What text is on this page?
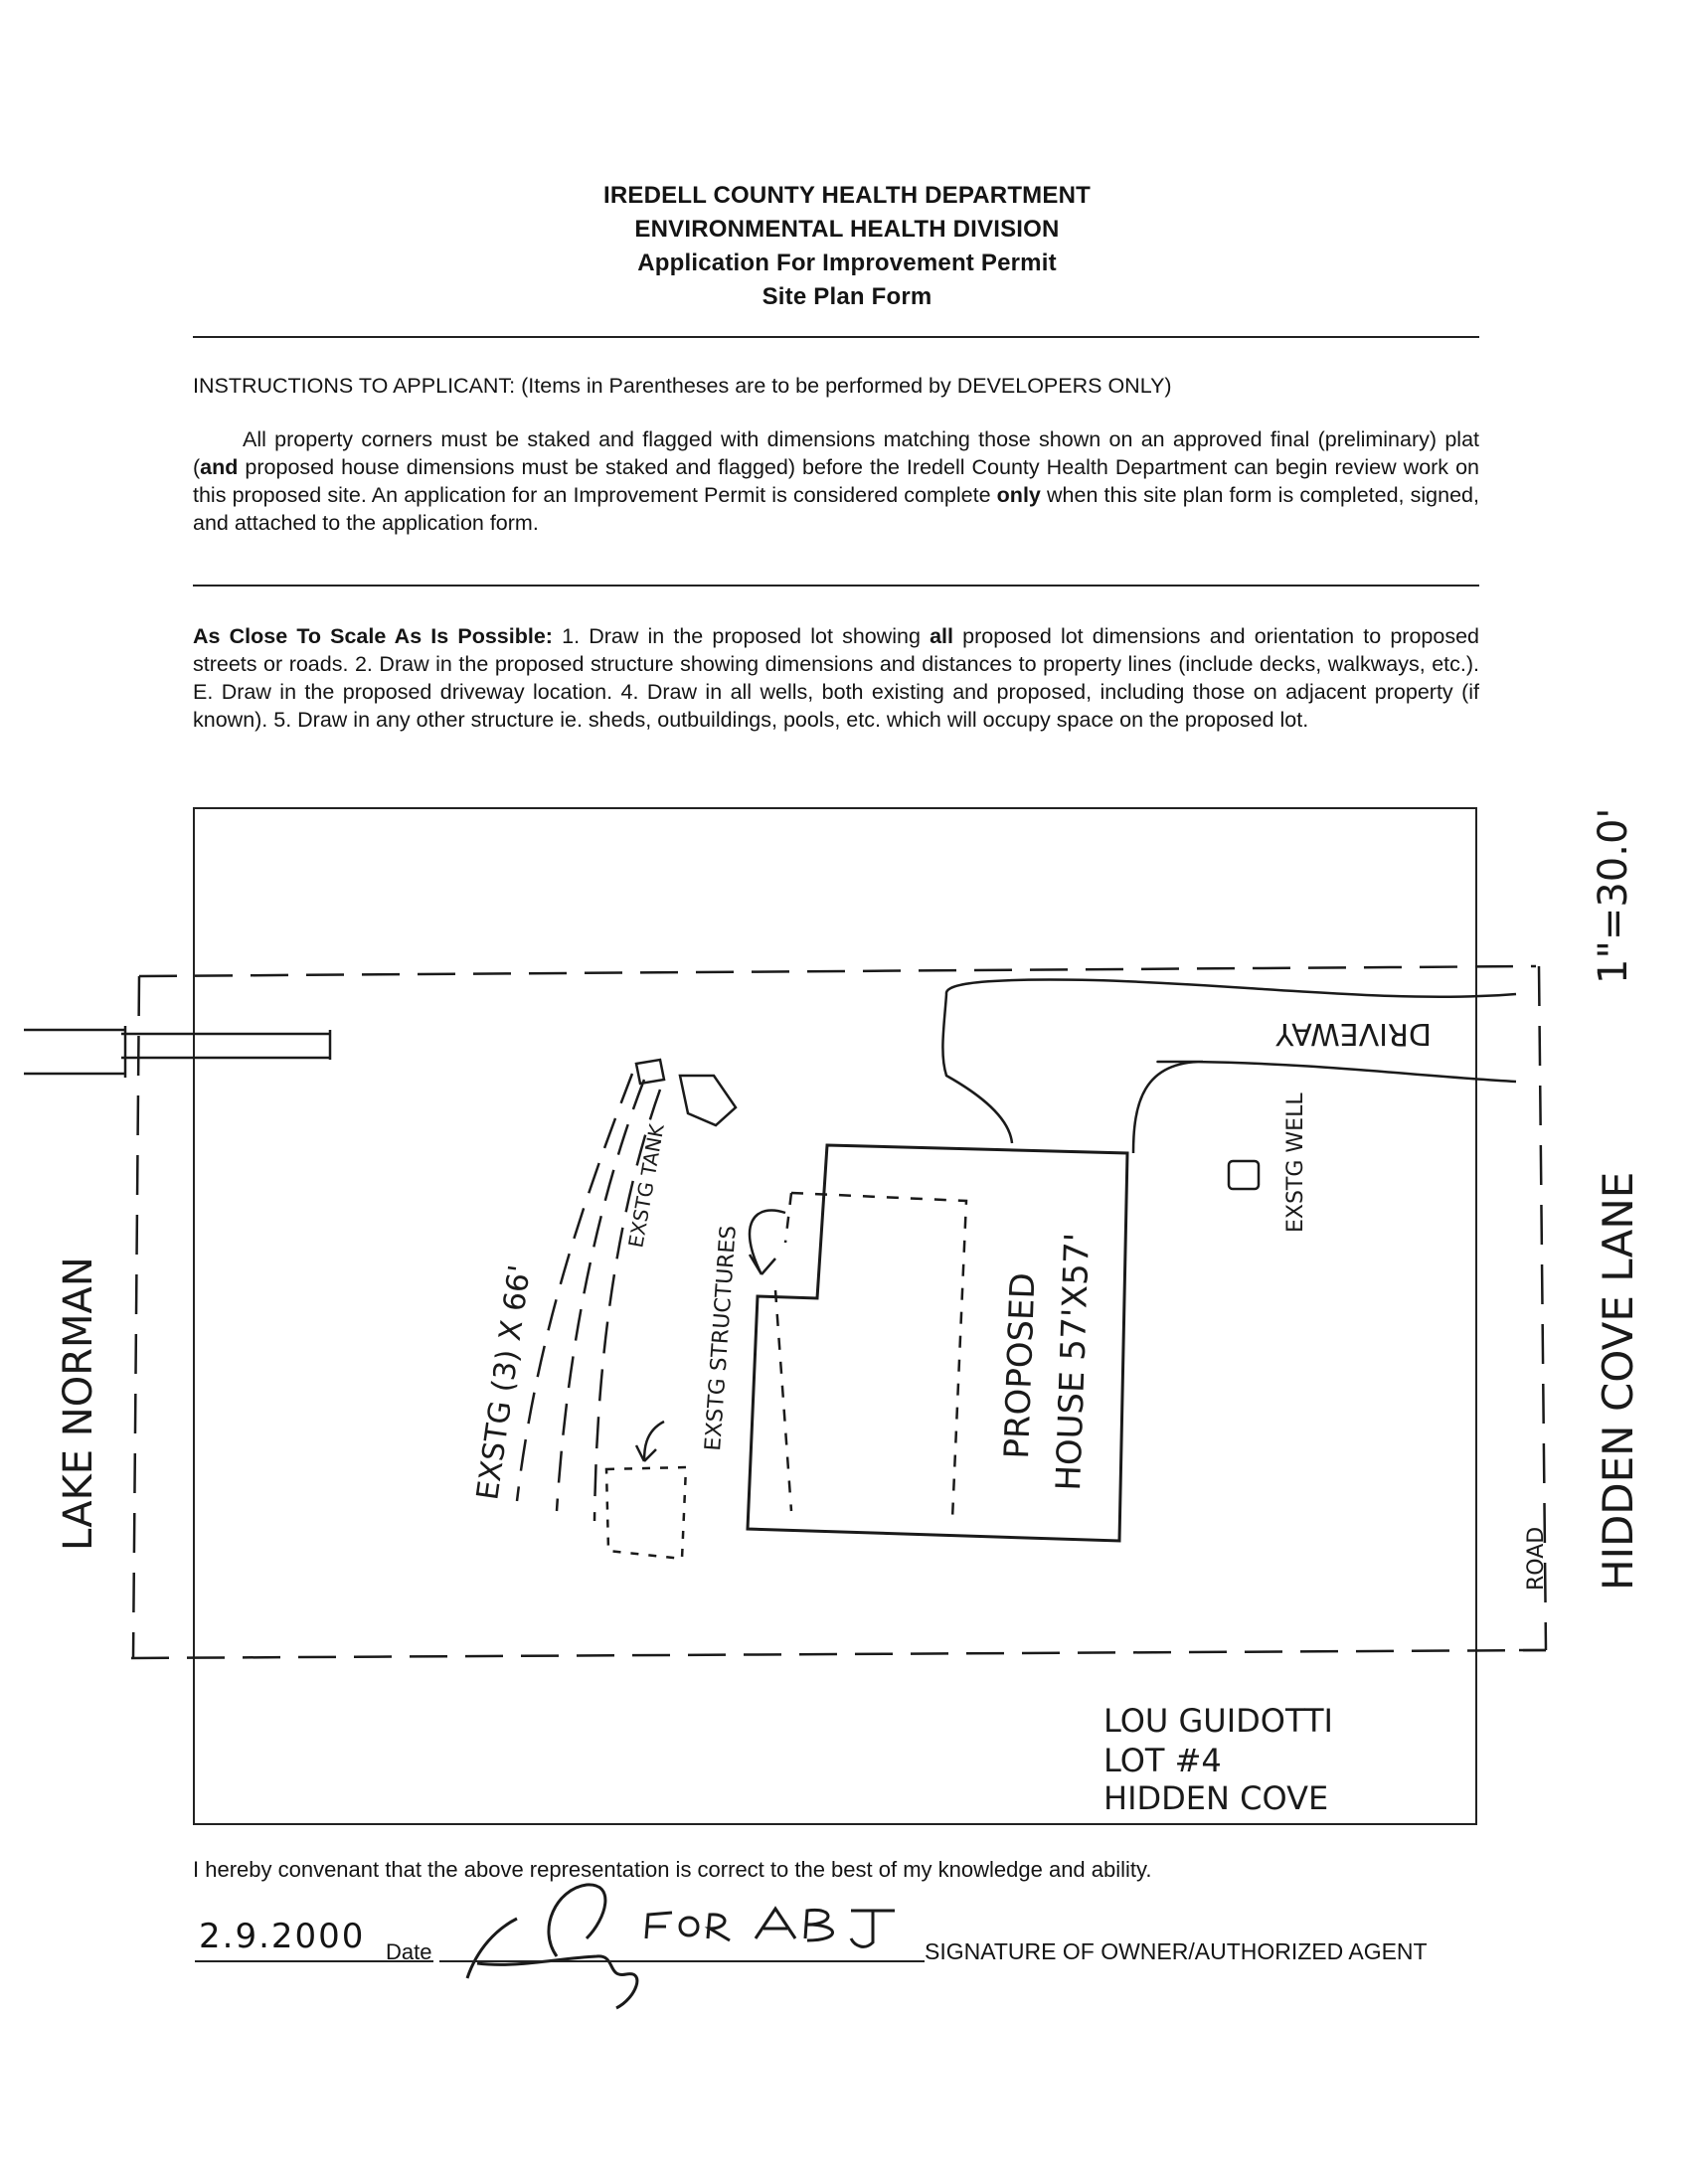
IREDELL COUNTY HEALTH DEPARTMENT
ENVIRONMENTAL HEALTH DIVISION
Application For Improvement Permit
Site Plan Form
INSTRUCTIONS TO APPLICANT: (Items in Parentheses are to be performed by DEVELOPERS ONLY)

All property corners must be staked and flagged with dimensions matching those shown on an approved final (preliminary) plat (and proposed house dimensions must be staked and flagged) before the Iredell County Health Department can begin review work on this proposed site. An application for an Improvement Permit is considered complete only when this site plan form is completed, signed, and attached to the application form.

As Close To Scale As Is Possible: 1. Draw in the proposed lot showing all proposed lot dimensions and orientation to proposed streets or roads. 2. Draw in the proposed structure showing dimensions and distances to property lines (include decks, walkways, etc.). E. Draw in the proposed driveway location. 4. Draw in all wells, both existing and proposed, including those on adjacent property (if known). 5. Draw in any other structure ie. sheds, outbuildings, pools, etc. which will occupy space on the proposed lot.

LAKE NORMAN
1"=30.0'
HIDDEN COVE LANE
ROAD
DRIVEWAY
EXSTG WELL
EXSTG TANK
EXSTG (3) X 66'	EXSTG STRUCTURES	PROPOSED HOUSE 57'X57'
LOU GUIDOTTI
LOT #4
HIDDEN COVE
I hereby convenant that the above representation is correct to the best of my knowledge and ability.
2.9.2000 Date	SIGNATURE OF OWNER/AUTHORIZED AGENT
